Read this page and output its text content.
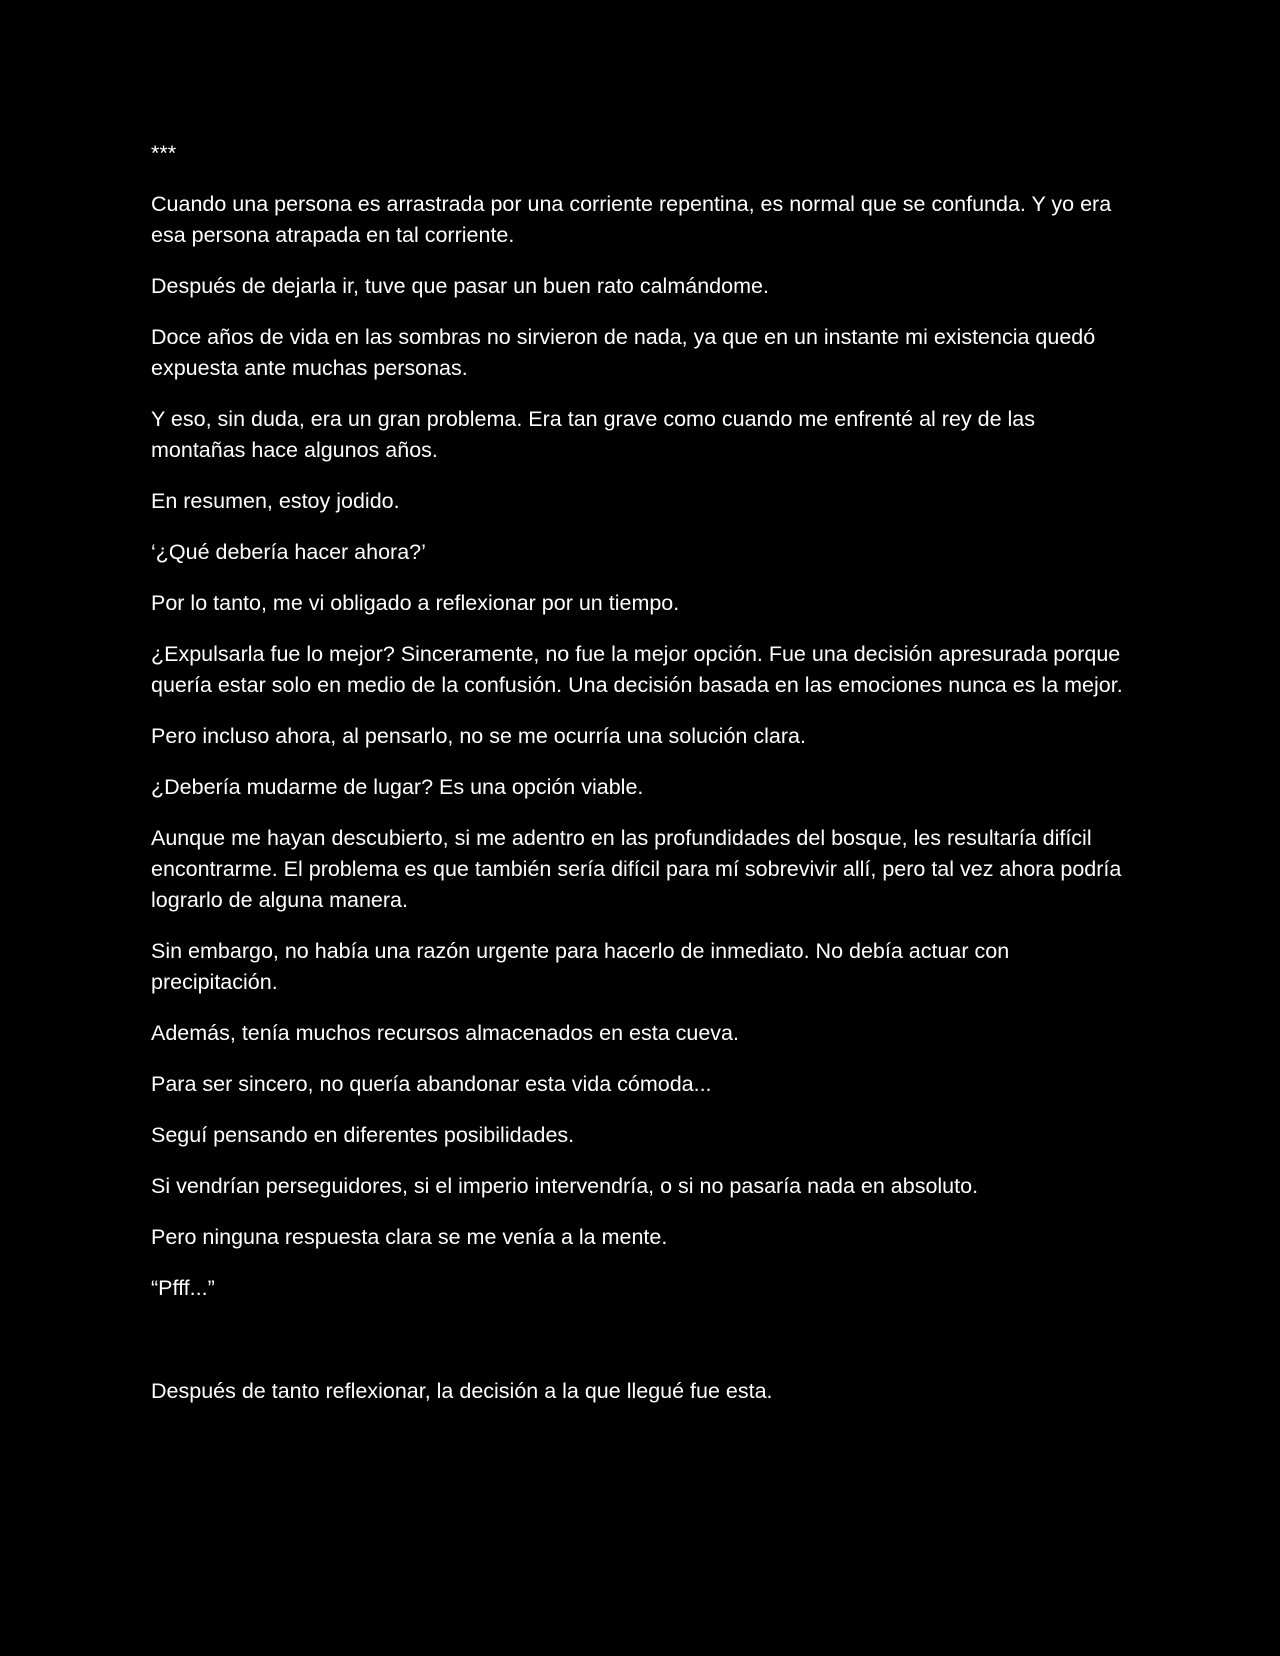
***

Cuando una persona es arrastrada por una corriente repentina, es normal que se confunda. Y yo era esa persona atrapada en tal corriente.

Después de dejarla ir, tuve que pasar un buen rato calmándome.

Doce años de vida en las sombras no sirvieron de nada, ya que en un instante mi existencia quedó expuesta ante muchas personas.

Y eso, sin duda, era un gran problema. Era tan grave como cuando me enfrenté al rey de las montañas hace algunos años.

En resumen, estoy jodido.

‘¿Qué debería hacer ahora?’

Por lo tanto, me vi obligado a reflexionar por un tiempo.

¿Expulsarla fue lo mejor? Sinceramente, no fue la mejor opción. Fue una decisión apresurada porque quería estar solo en medio de la confusión. Una decisión basada en las emociones nunca es la mejor.

Pero incluso ahora, al pensarlo, no se me ocurría una solución clara.

¿Debería mudarme de lugar? Es una opción viable.

Aunque me hayan descubierto, si me adentro en las profundidades del bosque, les resultaría difícil encontrarme. El problema es que también sería difícil para mí sobrevivir allí, pero tal vez ahora podría lograrlo de alguna manera.

Sin embargo, no había una razón urgente para hacerlo de inmediato. No debía actuar con precipitación.

Además, tenía muchos recursos almacenados en esta cueva.

Para ser sincero, no quería abandonar esta vida cómoda...

Seguí pensando en diferentes posibilidades.

Si vendrían perseguidores, si el imperio intervendría, o si no pasaría nada en absoluto.

Pero ninguna respuesta clara se me venía a la mente.

“Pfff...”

Después de tanto reflexionar, la decisión a la que llegué fue esta.
